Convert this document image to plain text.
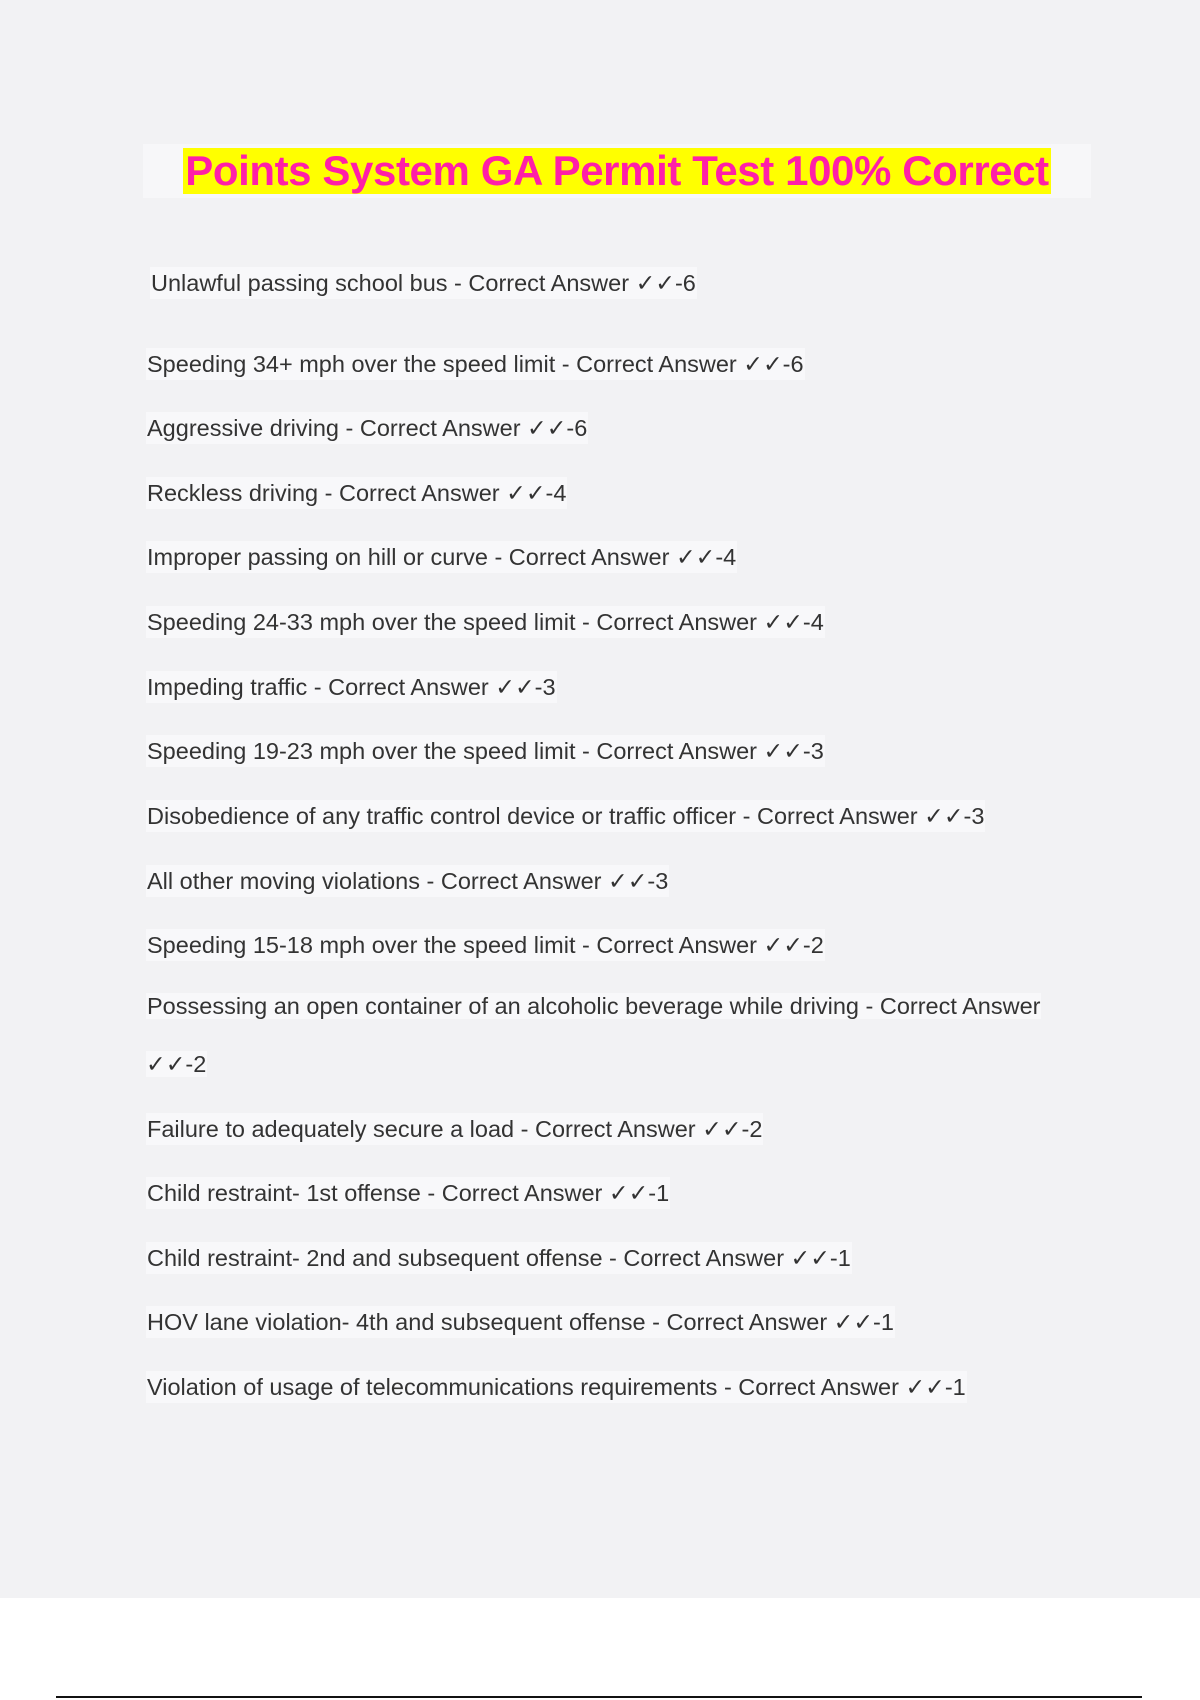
Points System GA Permit Test 100% Correct
Unlawful passing school bus - Correct Answer ✓✓-6
Speeding 34+ mph over the speed limit - Correct Answer ✓✓-6
Aggressive driving - Correct Answer ✓✓-6
Reckless driving - Correct Answer ✓✓-4
Improper passing on hill or curve - Correct Answer ✓✓-4
Speeding 24-33 mph over the speed limit - Correct Answer ✓✓-4
Impeding traffic - Correct Answer ✓✓-3
Speeding 19-23 mph over the speed limit - Correct Answer ✓✓-3
Disobedience of any traffic control device or traffic officer - Correct Answer ✓✓-3
All other moving violations - Correct Answer ✓✓-3
Speeding 15-18 mph over the speed limit - Correct Answer ✓✓-2
Possessing an open container of an alcoholic beverage while driving - Correct Answer ✓✓-2
Failure to adequately secure a load - Correct Answer ✓✓-2
Child restraint- 1st offense - Correct Answer ✓✓-1
Child restraint- 2nd and subsequent offense - Correct Answer ✓✓-1
HOV lane violation- 4th and subsequent offense - Correct Answer ✓✓-1
Violation of usage of telecommunications requirements - Correct Answer ✓✓-1
